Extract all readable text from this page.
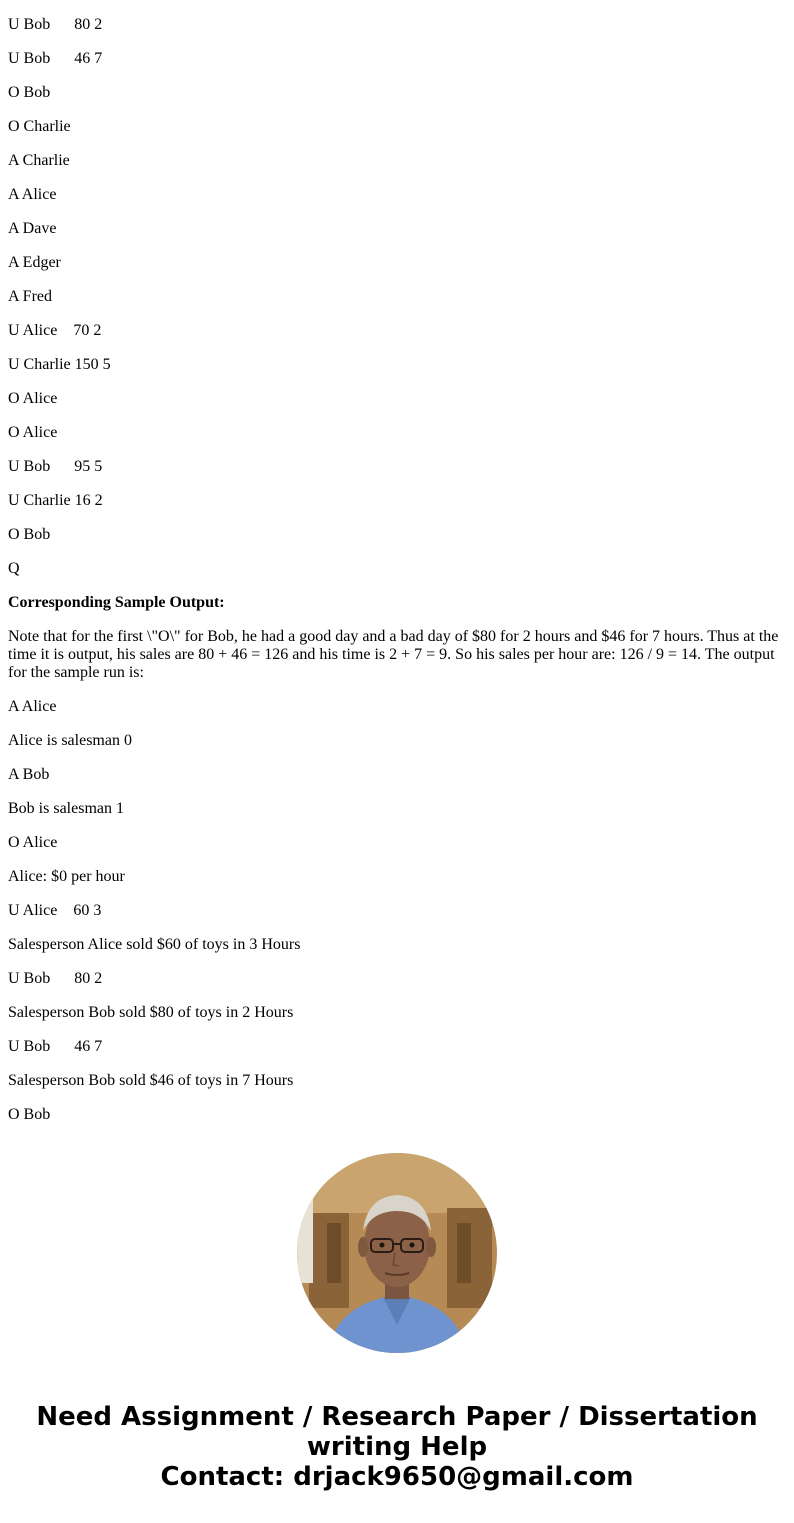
U Bob      80 2

U Bob      46 7

O Bob

O Charlie

A Charlie

A Alice

A Dave

A Edger

A Fred

U Alice    70 2

U Charlie 150 5

O Alice

O Alice

U Bob      95 5

U Charlie 16 2

O Bob

Q

Corresponding Sample Output:

Note that for the first \"O\" for Bob, he had a good day and a bad day of $80 for 2 hours and $46 for 7 hours. Thus at the time it is output, his sales are 80 + 46 = 126 and his time is 2 + 7 = 9. So his sales per hour are: 126 / 9 = 14. The output for the sample run is:

A Alice

Alice is salesman 0

A Bob

Bob is salesman 1

O Alice

Alice: $0 per hour

U Alice    60 3

Salesperson Alice sold $60 of toys in 3 Hours

U Bob      80 2

Salesperson Bob sold $80 of toys in 2 Hours

U Bob      46 7

Salesperson Bob sold $46 of toys in 7 Hours

O Bob

Need Assignment / Research Paper / Dissertation
writing Help
Contact: drjack9650@gmail.com
